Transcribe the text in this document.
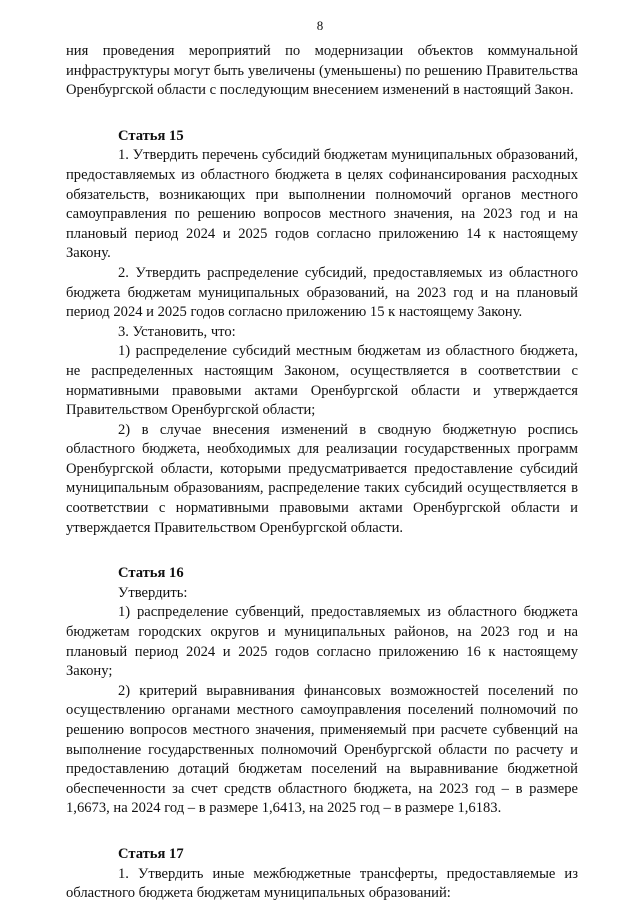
8

ния проведения мероприятий по модернизации объектов коммунальной инфраструктуры могут быть увеличены (уменьшены) по решению Правительства Оренбургской области с последующим внесением изменений в настоящий Закон.

Статья 15

1. Утвердить перечень субсидий бюджетам муниципальных образований, предоставляемых из областного бюджета в целях софинансирования расходных обязательств, возникающих при выполнении полномочий органов местного самоуправления по решению вопросов местного значения, на 2023 год и на плановый период 2024 и 2025 годов согласно приложению 14 к настоящему Закону.

2. Утвердить распределение субсидий, предоставляемых из областного бюджета бюджетам муниципальных образований, на 2023 год и на плановый период 2024 и 2025 годов согласно приложению 15 к настоящему Закону.

3. Установить, что:

1) распределение субсидий местным бюджетам из областного бюджета, не распределенных настоящим Законом, осуществляется в соответствии с нормативными правовыми актами Оренбургской области и утверждается Правительством Оренбургской области;

2) в случае внесения изменений в сводную бюджетную роспись областного бюджета, необходимых для реализации государственных программ Оренбургской области, которыми предусматривается предоставление субсидий муниципальным образованиям, распределение таких субсидий осуществляется в соответствии с нормативными правовыми актами Оренбургской области и утверждается Правительством Оренбургской области.

Статья 16

Утвердить:

1) распределение субвенций, предоставляемых из областного бюджета бюджетам городских округов и муниципальных районов, на 2023 год и на плановый период 2024 и 2025 годов согласно приложению 16 к настоящему Закону;

2) критерий выравнивания финансовых возможностей поселений по осуществлению органами местного самоуправления поселений полномочий по решению вопросов местного значения, применяемый при расчете субвенций на выполнение государственных полномочий Оренбургской области по расчету и предоставлению дотаций бюджетам поселений на выравнивание бюджетной обеспеченности за счет средств областного бюджета, на 2023 год – в размере 1,6673, на 2024 год – в размере 1,6413, на 2025 год – в размере 1,6183.

Статья 17

1. Утвердить иные межбюджетные трансферты, предоставляемые из областного бюджета бюджетам муниципальных образований:
